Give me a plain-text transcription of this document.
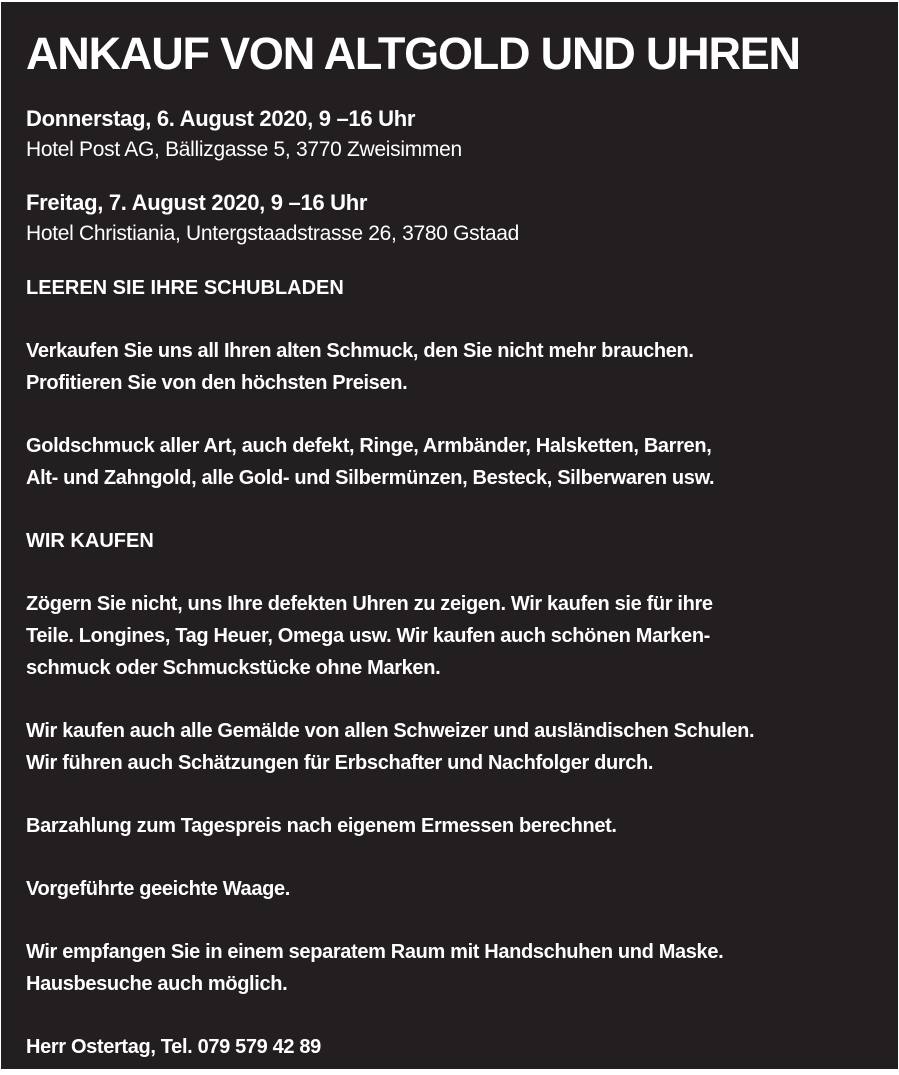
ANKAUF VON ALTGOLD UND UHREN
Donnerstag, 6. August 2020, 9 –16 Uhr
Hotel Post AG, Bällizgasse 5, 3770 Zweisimmen
Freitag, 7. August 2020, 9 –16 Uhr
Hotel Christiania, Untergstaadstrasse 26, 3780 Gstaad
LEEREN SIE IHRE SCHUBLADEN
Verkaufen Sie uns all Ihren alten Schmuck, den Sie nicht mehr brauchen.
Profitieren Sie von den höchsten Preisen.
Goldschmuck aller Art, auch defekt, Ringe, Armbänder, Halsketten, Barren,
Alt- und Zahngold, alle Gold- und Silbermünzen, Besteck, Silberwaren usw.
WIR KAUFEN
Zögern Sie nicht, uns Ihre defekten Uhren zu zeigen. Wir kaufen sie für ihre
Teile. Longines, Tag Heuer, Omega usw. Wir kaufen auch schönen Marken-
schmuck oder Schmuckstücke ohne Marken.
Wir kaufen auch alle Gemälde von allen Schweizer und ausländischen Schulen.
Wir führen auch Schätzungen für Erbschafter und Nachfolger durch.
Barzahlung zum Tagespreis nach eigenem Ermessen berechnet.
Vorgeführte geeichte Waage.
Wir empfangen Sie in einem separatem Raum mit Handschuhen und Maske.
Hausbesuche auch möglich.
Herr Ostertag, Tel. 079 579 42 89
